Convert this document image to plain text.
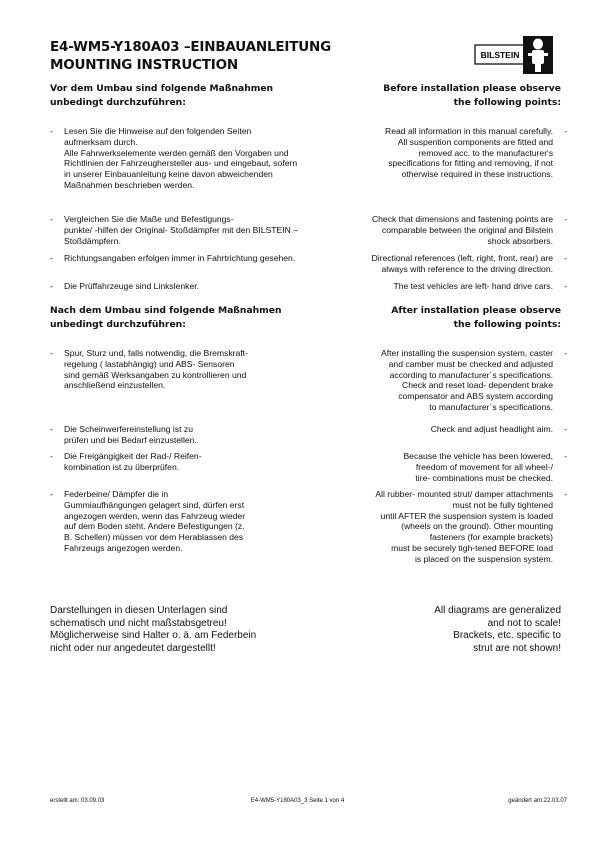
E4-WM5-Y180A03 –EINBAUANLEITUNG
MOUNTING INSTRUCTION
BILSTEIN
Vor dem Umbau sind folgende Maßnahmen
unbedingt durchzuführen:
Before installation please observe
the following points:
- Lesen Sie die Hinweise auf den folgenden Seiten aufmerksam durch.
Alle Fahrwerkselemente werden gemäß den Vorgaben und Richtlinien der Fahrzeughersteller aus- und eingebaut, sofern in unserer Einbauanleitung keine davon abweichenden Maßnahmen beschrieben werden.
- Vergleichen Sie die Maße und Befestigungs-
punkte/ -hilfen der Original- Stoßdämpfer mit den BILSTEIN – Stoßdämpfern.
- Richtungsangaben erfolgen immer in Fahrtrichtung gesehen.
- Die Prüffahrzeuge sind Linkslenker.
Read all information in this manual carefully.
All suspention components are fitted and
removed acc. to the manufacturer's
specifications for fitting and removing, if not
otherwise required in these instructions.
-
Check that dimensions and fastening points are
comparable between the original and Bilstein
shock absorbers.
-
Directional references (left, right, front, rear) are
always with reference to the driving direction.
-
The test vehicles are left- hand drive cars. -
Nach dem Umbau sind folgende Maßnahmen
unbedingt durchzuführen:
After installation please observe
the following points:
- Spur, Sturz und, falls notwendig, die Bremskraft-
regelung ( lastabhängig) und ABS- Sensoren
sind gemäß Werksangaben zu kontrollieren und
anschließend einzustellen.
- Die Scheinwerfereinstellung ist zu
prüfen und bei Bedarf einzustellen.
- Die Freigängigkeit der Rad-/ Reifen-
kombination ist zu überprüfen.
- Federbeine/ Dämpfer die in
Gummiaufhängungen gelagert sind, dürfen erst
angezogen werden, wenn das Fahrzeug wieder
auf dem Boden steht. Andere Befestigungen (z.
B. Schellen) müssen vor dem Herablassen des
Fahrzeugs angezogen werden.
After installing the suspension system, caster
and camber must be checked and adjusted
according to manufacturer´s specifications.
Check and reset load- dependent brake
compensator and ABS system according
to manufacturer´s specifications.
-
Check and adjust headlight aim. -
Because the vehicle has been lowered,
freedom of movement for all wheel-/
tire- combinations must be checked.
-
All rubber- mounted strut/ damper attachments
must not be fully tightened
until AFTER the suspension system is loaded
(wheels on the ground). Other mounting
fasteners (for example brackets)
must be securely tigh-tened BEFORE load
is placed on the suspension system.
-
Darstellungen in diesen Unterlagen sind
schematisch und nicht maßstabsgetreu!
Möglicherweise sind Halter o. ä. am Federbein
nicht oder nur angedeutet dargestellt!
All diagrams are generalized
and not to scale!
Brackets, etc. specific to
strut are not shown!
erstellt am: 03.09.03	E4-WM5-Y180A03_3 Seite 1 von 4	geändert am:22.03.07
